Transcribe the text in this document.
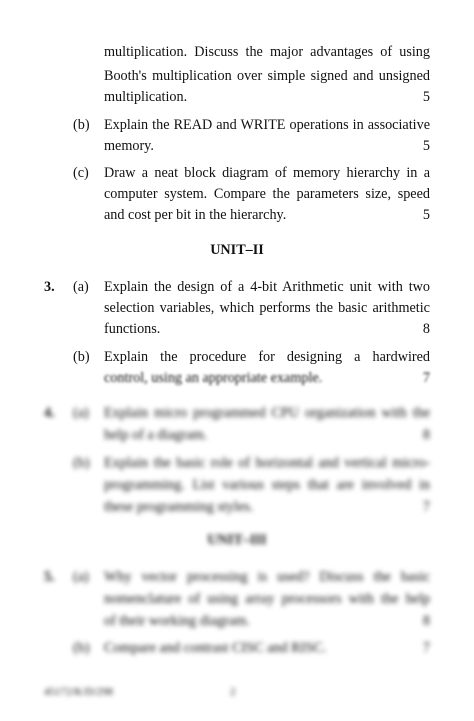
multiplication. Discuss the major advantages of using
Booth's multiplication over simple signed and unsigned
multiplication.	5
(b) Explain the READ and WRITE operations in associative
memory.	5
(c) Draw a neat block diagram of memory hierarchy in a
computer system. Compare the parameters size, speed
and cost per bit in the hierarchy.	5
UNIT–II
3. (a) Explain the design of a 4-bit Arithmetic unit with two
selection variables, which performs the basic arithmetic
functions.	8
(b) Explain the procedure for designing a hardwired
control, using an appropriate example.	7
4. (a) Explain micro programmed CPU organization with the
help of a diagram.	8
(b) Explain the basic role of horizontal and vertical micro-
programming. List various steps that are involved in
these programming styles.	7
UNIT–III
5. (a) Why vector processing is used? Discuss the basic
nomenclature of using array processors with the help
of their working diagram.	8
(b) Compare and contrast CISC and RISC.	7
45172/K/D/298	2
